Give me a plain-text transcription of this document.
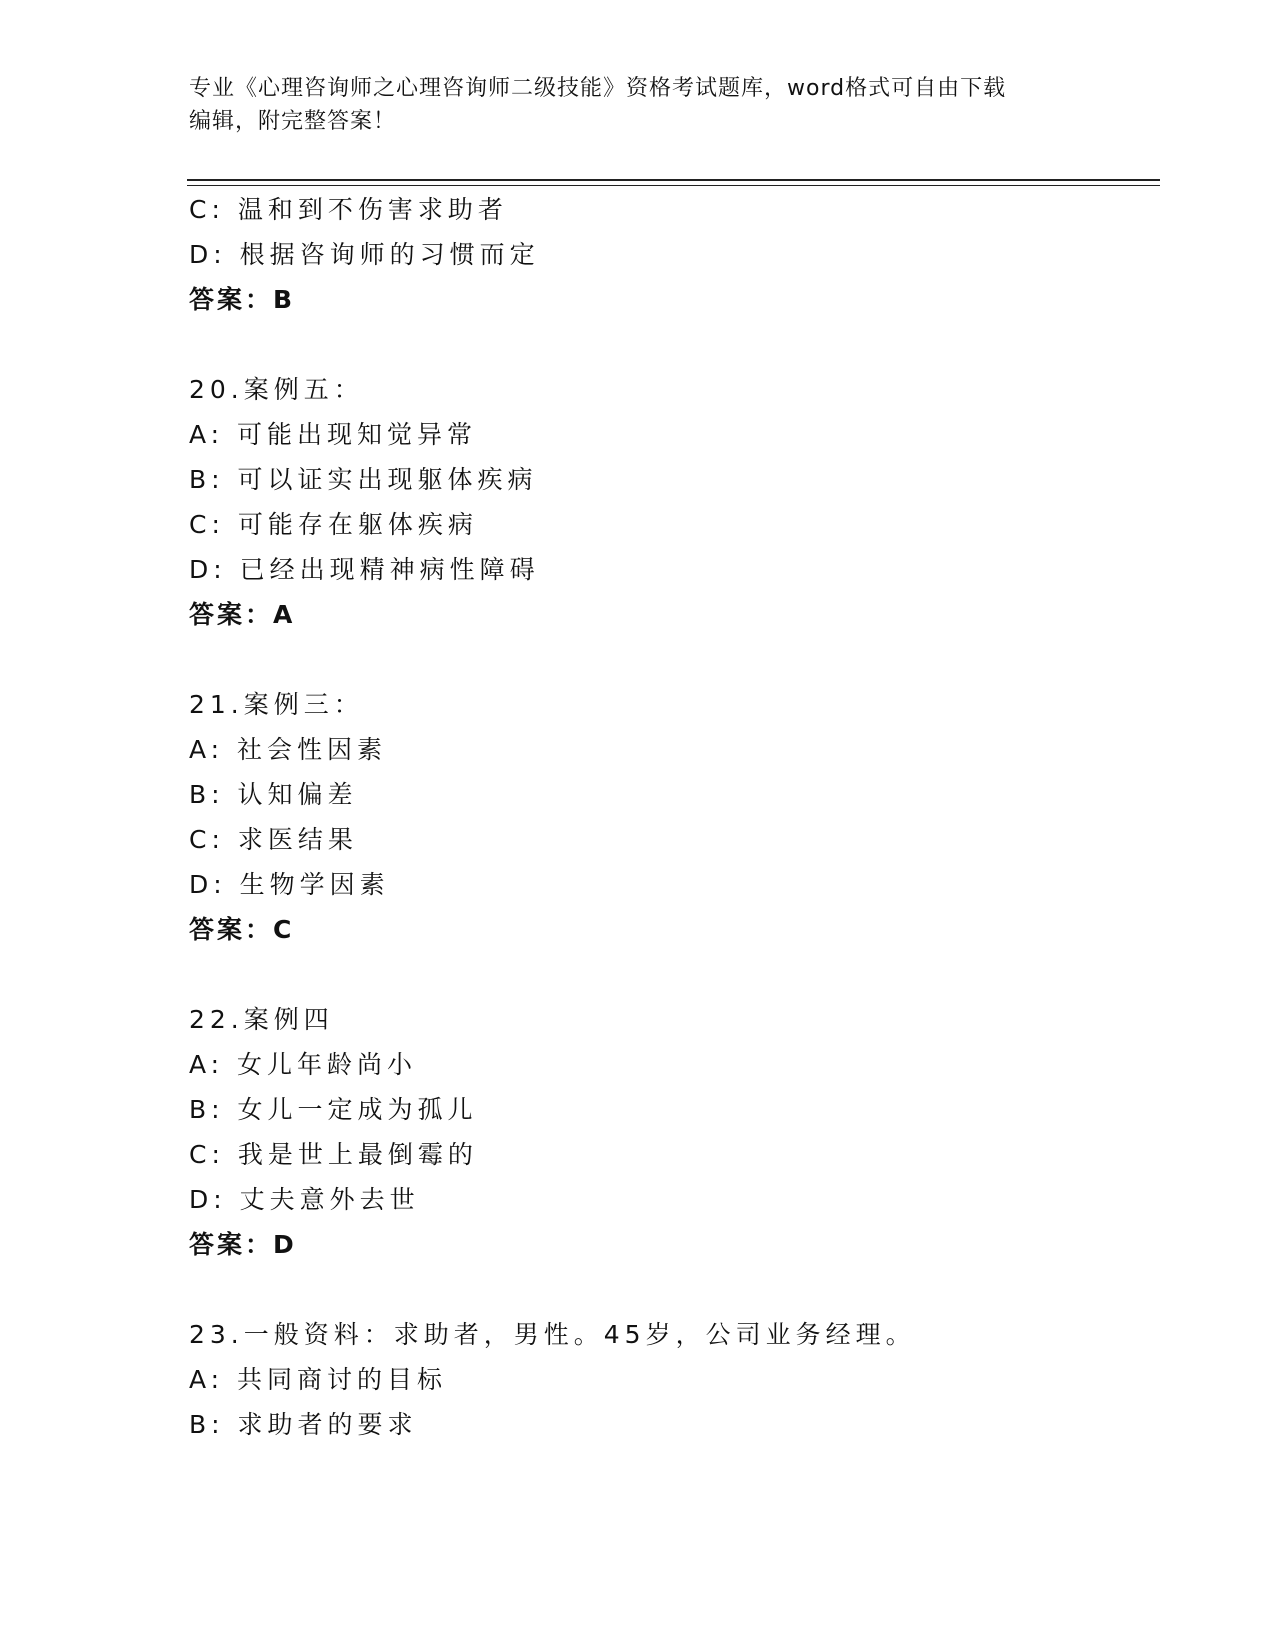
专业《心理咨询师之心理咨询师二级技能》资格考试题库，word格式可自由下载
编辑，附完整答案！
C: 温和到不伤害求助者
D: 根据咨询师的习惯而定
答案：B
20.案例五：
A: 可能出现知觉异常
B: 可以证实出现躯体疾病
C: 可能存在躯体疾病
D: 已经出现精神病性障碍
答案：A
21.案例三：
A: 社会性因素
B: 认知偏差
C: 求医结果
D: 生物学因素
答案：C
22.案例四
A: 女儿年龄尚小
B: 女儿一定成为孤儿
C: 我是世上最倒霉的
D: 丈夫意外去世
答案：D
23.一般资料：求助者，男性。45岁，公司业务经理。
A: 共同商讨的目标
B: 求助者的要求
